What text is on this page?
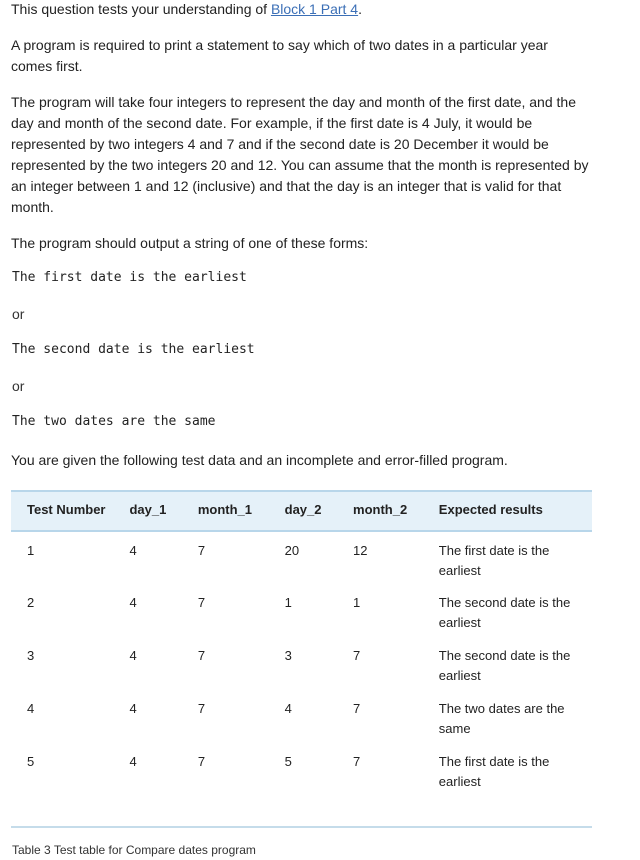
This question tests your understanding of Block 1 Part 4.

A program is required to print a statement to say which of two dates in a particular year comes first.

The program will take four integers to represent the day and month of the first date, and the day and month of the second date. For example, if the first date is 4 July, it would be represented by two integers 4 and 7 and if the second date is 20 December it would be represented by the two integers 20 and 12. You can assume that the month is represented by an integer between 1 and 12 (inclusive) and that the day is an integer that is valid for that month.

The program should output a string of one of these forms:

The first date is the earliest
or
The second date is the earliest
or
The two dates are the same

You are given the following test data and an incomplete and error-filled program.

Test Number	day_1	month_1	day_2	month_2	Expected results
1	4	7	20	12	The first date is the earliest
2	4	7	1	1	The second date is the earliest
3	4	7	3	7	The second date is the earliest
4	4	7	4	7	The two dates are the same
5	4	7	5	7	The first date is the earliest
Table 3 Test table for Compare dates program
